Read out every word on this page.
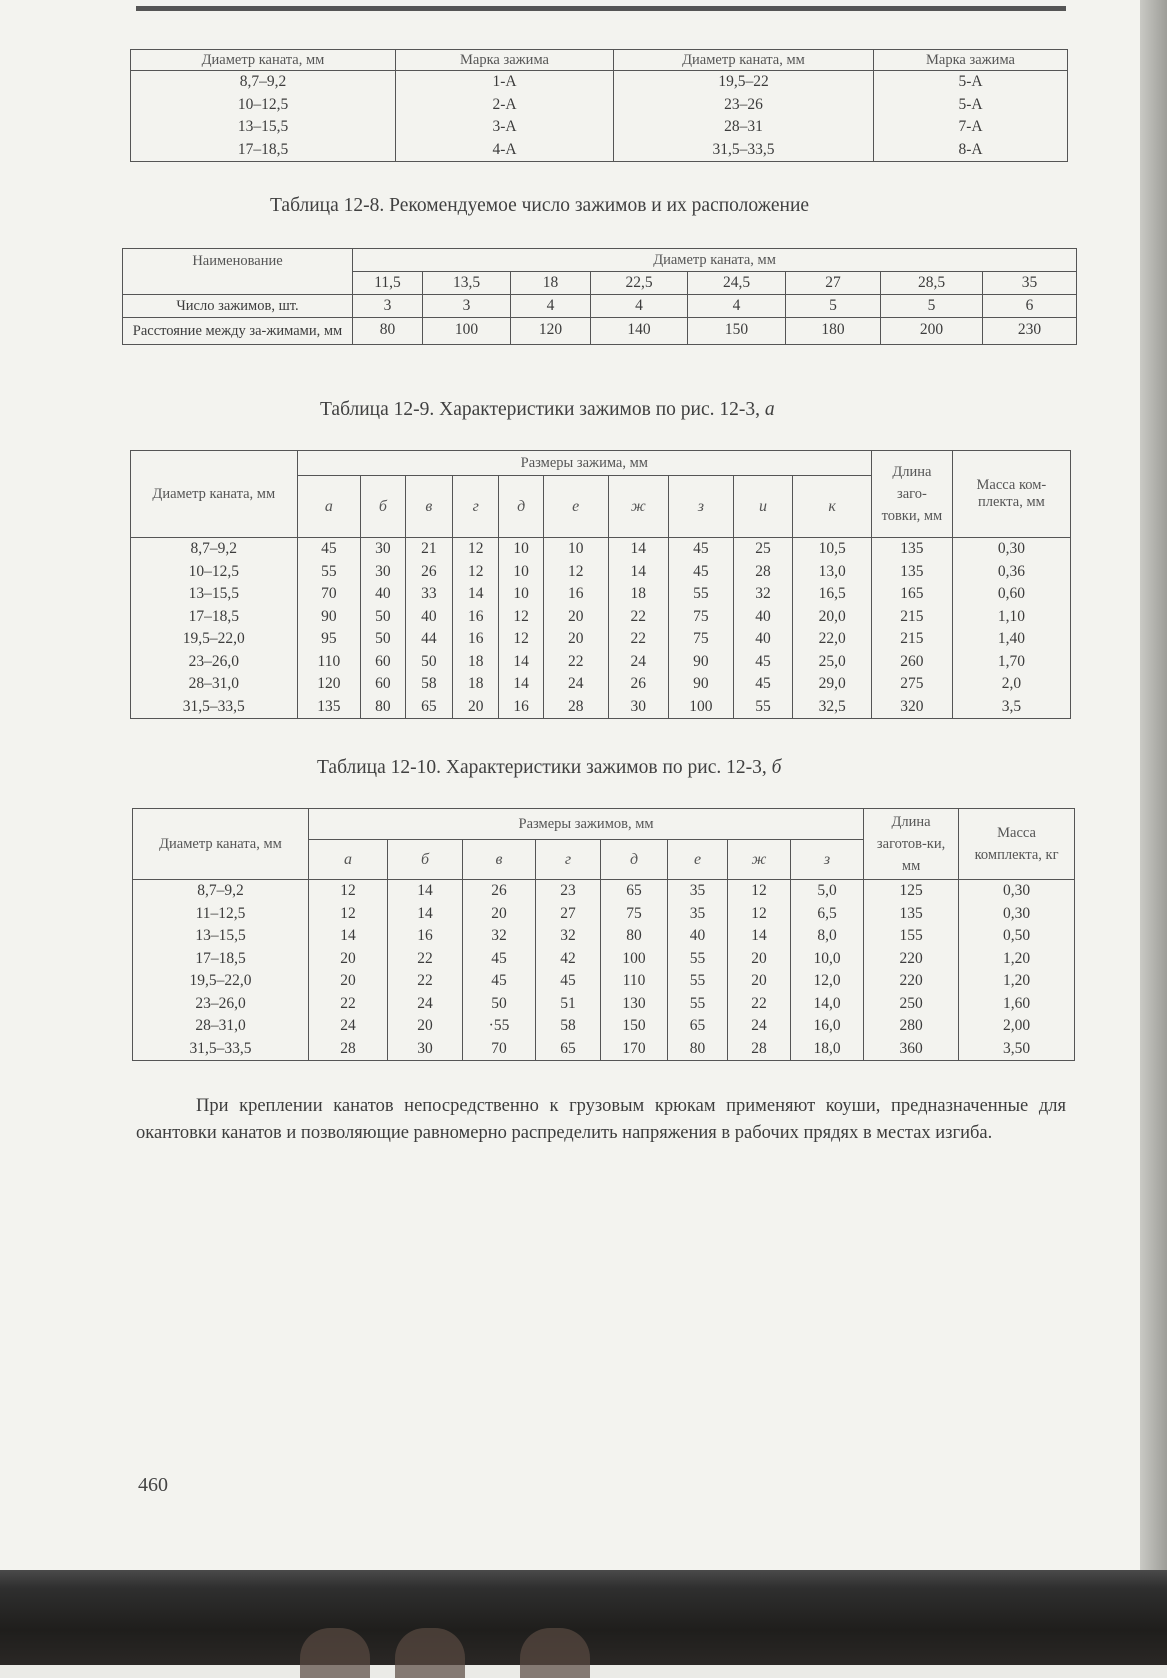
Диаметр каната, мм	Марка зажима	Диаметр каната, мм	Марка зажима
8,7–9,2	1-А	19,5–22	5-А
10–12,5	2-А	23–26	5-А
13–15,5	3-А	28–31	7-А
17–18,5	4-А	31,5–33,5	8-А
Таблица 12-8. Рекомендуемое число зажимов и их расположение
Наименование	Диаметр каната, мм							
	11,5	13,5	18	22,5	24,5	27	28,5	35
Число зажимов, шт.	3	3	4	4	4	5	5	6
Расстояние между за-жимами, мм	80	100	120	140	150	180	200	230
Таблица 12-9. Характеристики зажимов по рис. 12-3, а
Диаметр каната, мм	Размеры зажима, мм										Длина заго-товки, мм	Масса ком-плекта, мм
	а	б	в	г	д	е	ж	з	и	к		
8,7–9,2	45	30	21	12	10	10	14	45	25	10,5	135	0,30
10–12,5	55	30	26	12	10	12	14	45	28	13,0	135	0,36
13–15,5	70	40	33	14	10	16	18	55	32	16,5	165	0,60
17–18,5	90	50	40	16	12	20	22	75	40	20,0	215	1,10
19,5–22,0	95	50	44	16	12	20	22	75	40	22,0	215	1,40
23–26,0	110	60	50	18	14	22	24	90	45	25,0	260	1,70
28–31,0	120	60	58	18	14	24	26	90	45	29,0	275	2,0
31,5–33,5	135	80	65	20	16	28	30	100	55	32,5	320	3,5
Таблица 12-10. Характеристики зажимов по рис. 12-3, б
Диаметр каната, мм	Размеры зажимов, мм								Длина заготов-ки, мм	Масса комплекта, кг
	а	б	в	г	д	е	ж	з		
8,7–9,2	12	14	26	23	65	35	12	5,0	125	0,30
11–12,5	12	14	20	27	75	35	12	6,5	135	0,30
13–15,5	14	16	32	32	80	40	14	8,0	155	0,50
17–18,5	20	22	45	42	100	55	20	10,0	220	1,20
19,5–22,0	20	22	45	45	110	55	20	12,0	220	1,20
23–26,0	22	24	50	51	130	55	22	14,0	250	1,60
28–31,0	24	20	·55	58	150	65	24	16,0	280	2,00
31,5–33,5	28	30	70	65	170	80	28	18,0	360	3,50
При креплении канатов непосредственно к грузовым крюкам применяют коуши, предназначенные для окантовки канатов и позволяющие равномерно распределить напряжения в рабочих прядях в местах изгиба.
460
